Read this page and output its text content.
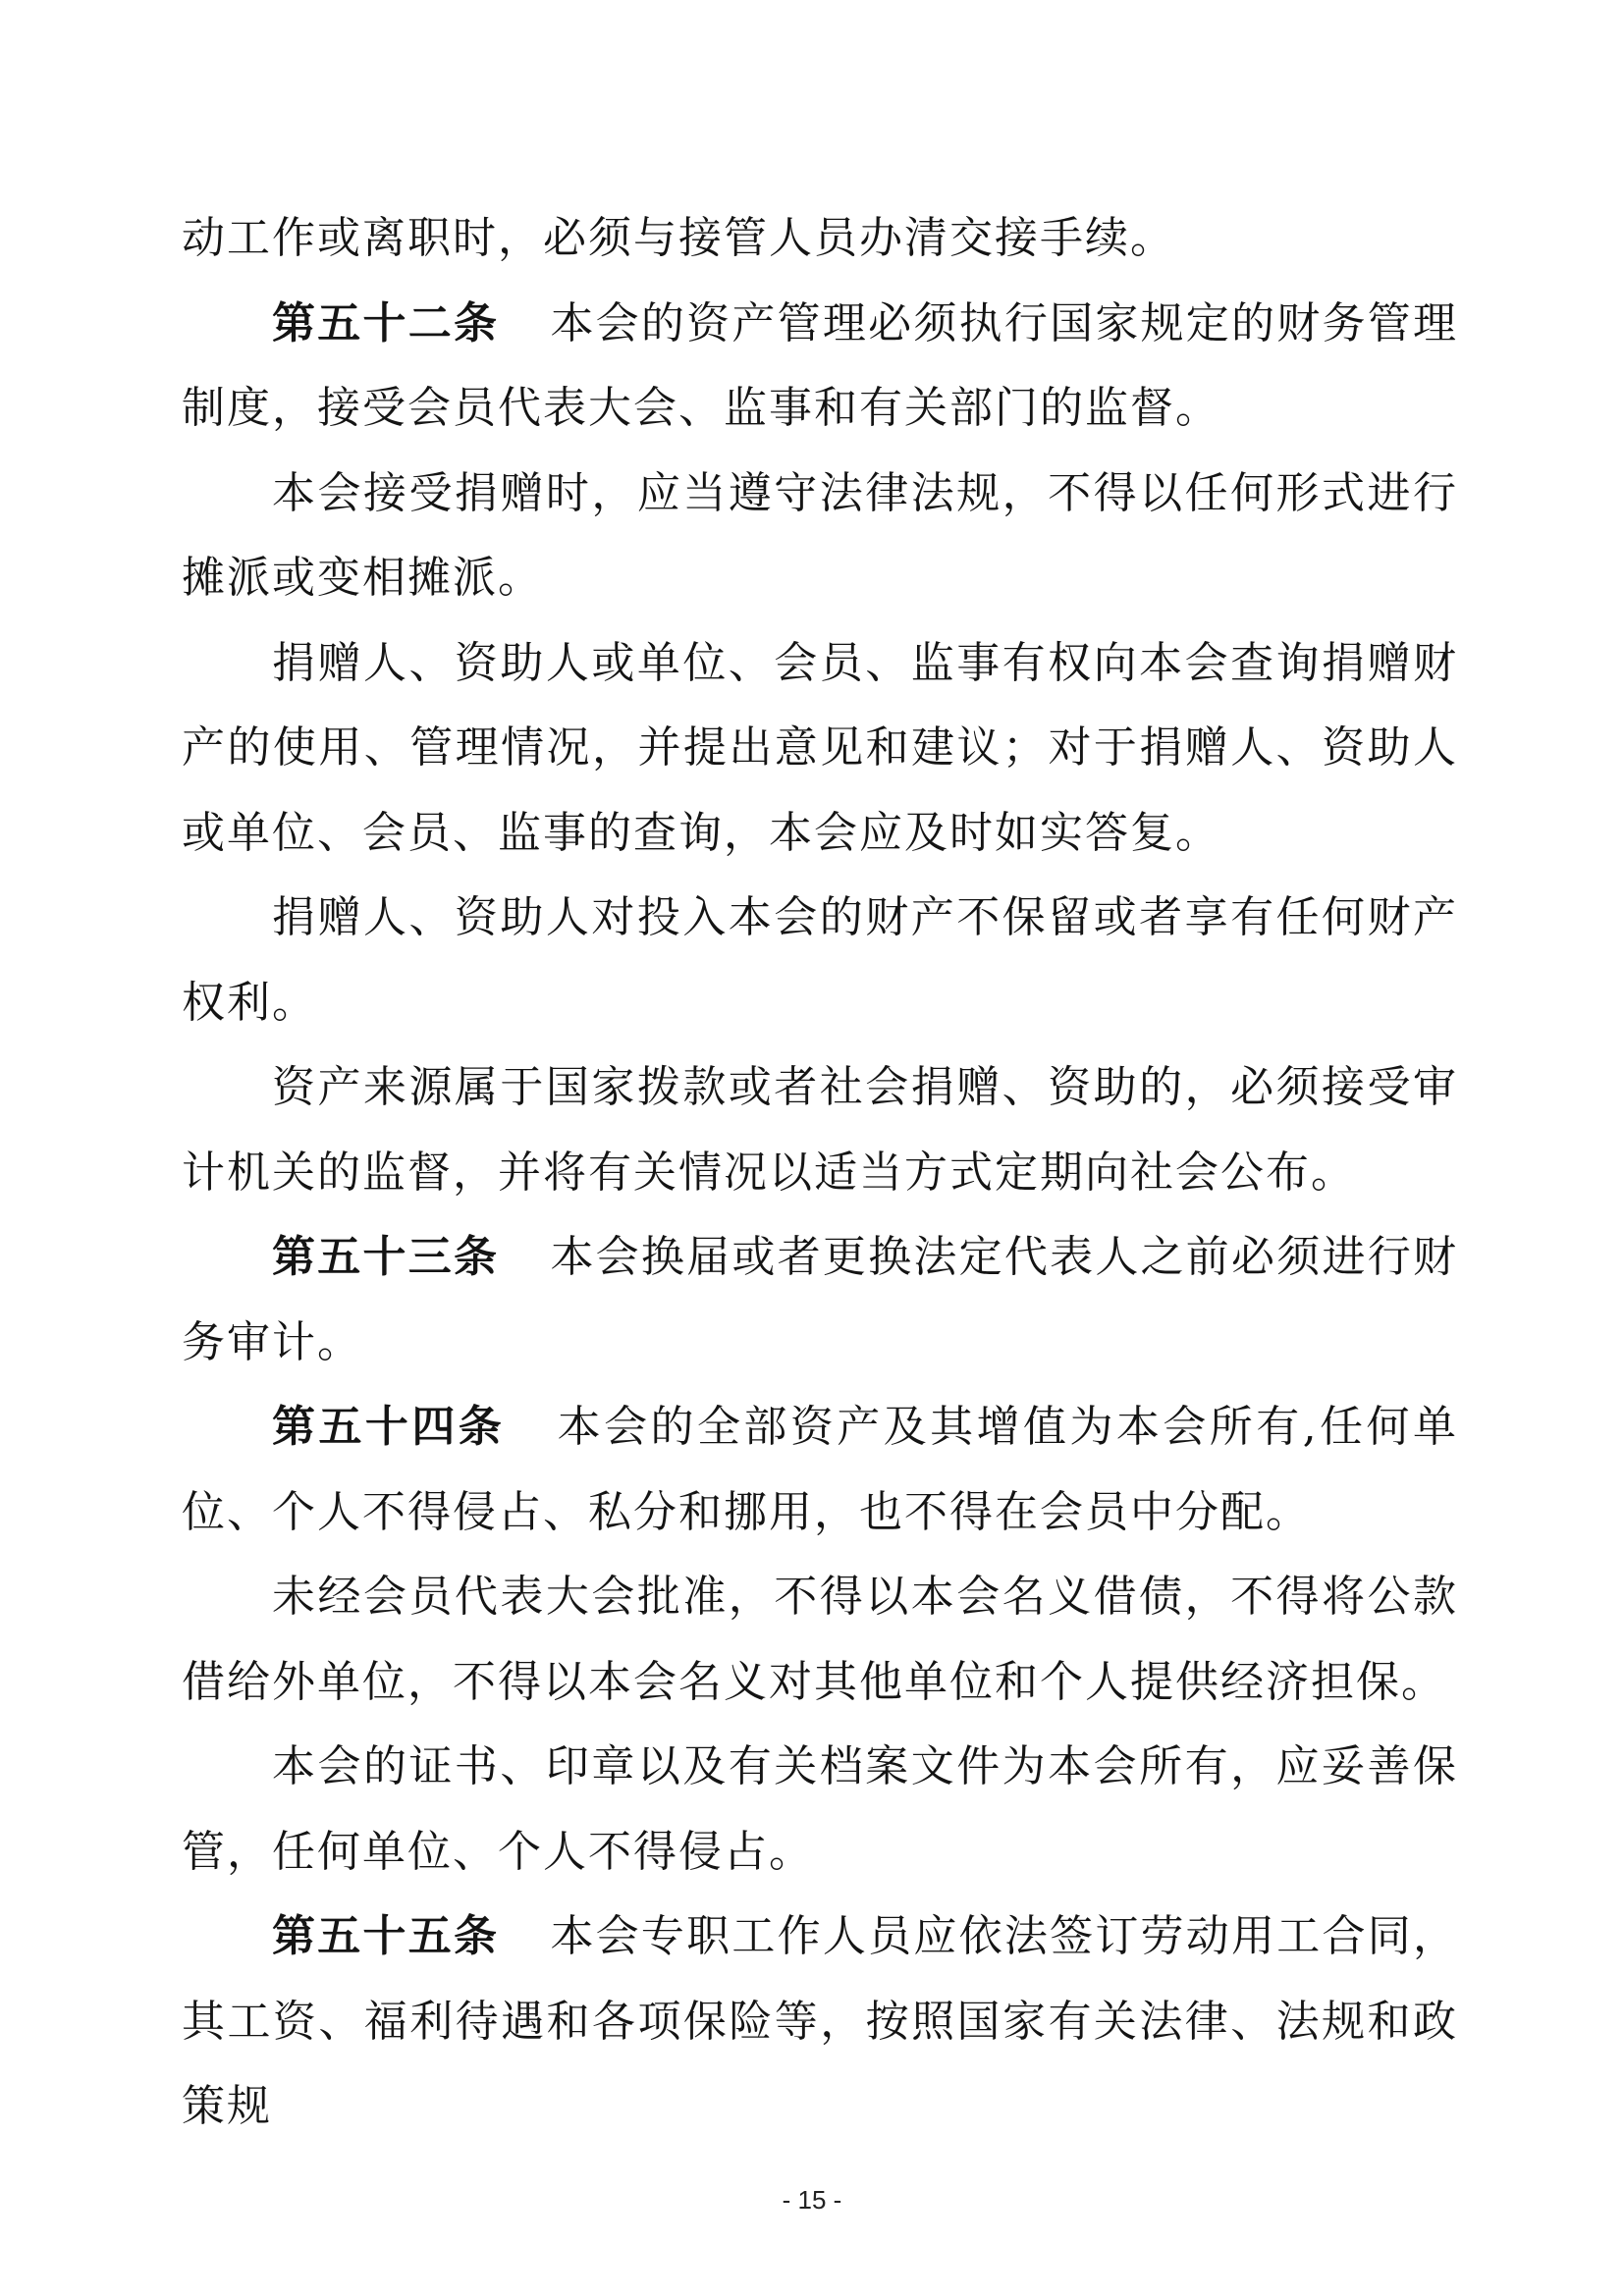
动工作或离职时，必须与接管人员办清交接手续。

第五十二条 本会的资产管理必须执行国家规定的财务管理制度，接受会员代表大会、监事和有关部门的监督。

本会接受捐赠时，应当遵守法律法规，不得以任何形式进行摊派或变相摊派。

捐赠人、资助人或单位、会员、监事有权向本会查询捐赠财产的使用、管理情况，并提出意见和建议；对于捐赠人、资助人或单位、会员、监事的查询，本会应及时如实答复。

捐赠人、资助人对投入本会的财产不保留或者享有任何财产权利。

资产来源属于国家拨款或者社会捐赠、资助的，必须接受审计机关的监督，并将有关情况以适当方式定期向社会公布。

第五十三条 本会换届或者更换法定代表人之前必须进行财务审计。

第五十四条 本会的全部资产及其增值为本会所有,任何单位、个人不得侵占、私分和挪用，也不得在会员中分配。

未经会员代表大会批准，不得以本会名义借债，不得将公款借给外单位，不得以本会名义对其他单位和个人提供经济担保。

本会的证书、印章以及有关档案文件为本会所有，应妥善保管，任何单位、个人不得侵占。

第五十五条 本会专职工作人员应依法签订劳动用工合同，其工资、福利待遇和各项保险等，按照国家有关法律、法规和政策规

- 15 -
